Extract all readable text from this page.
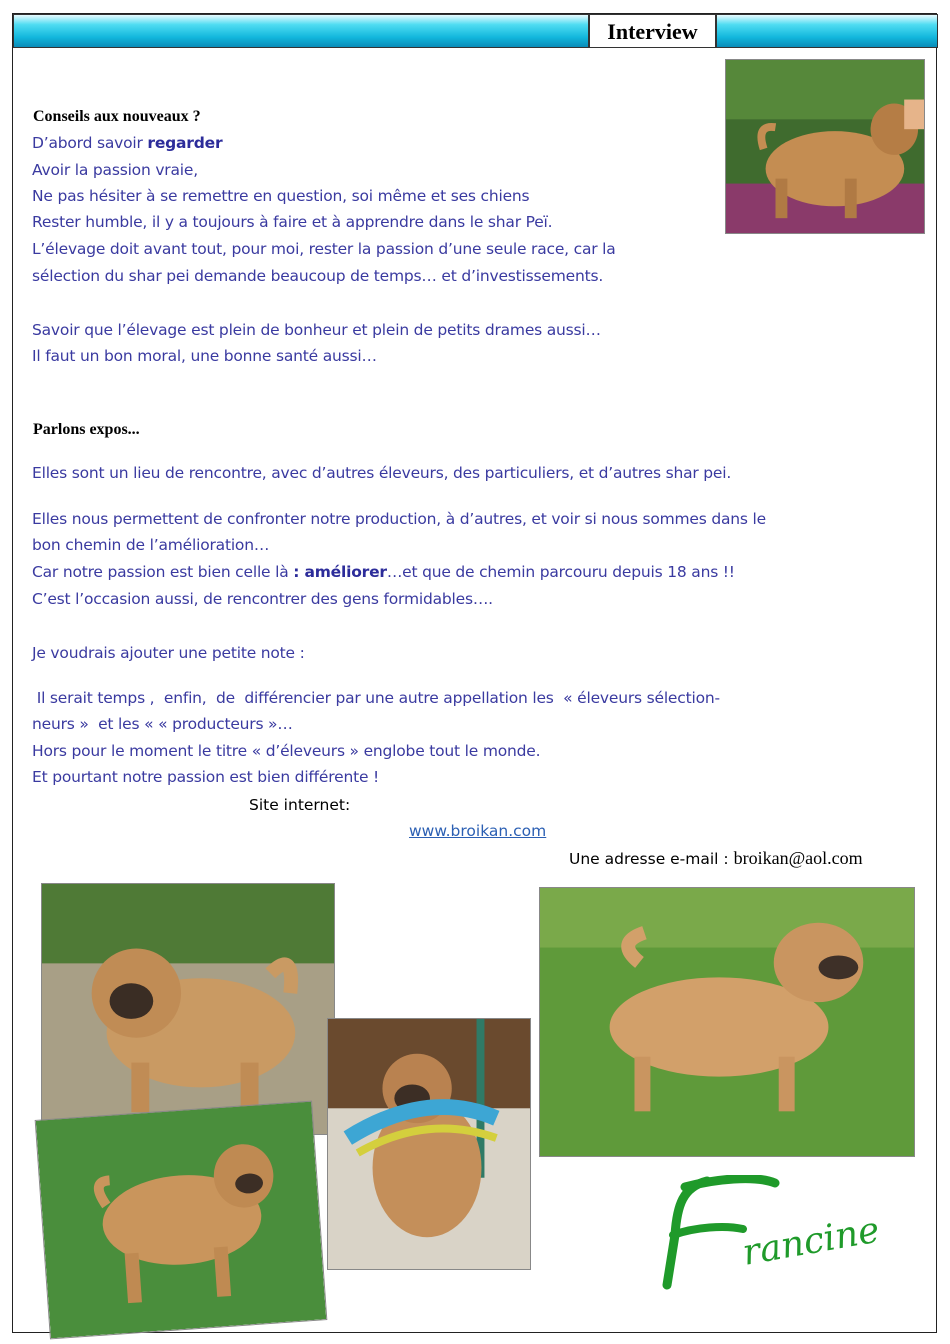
Interview
Conseils aux nouveaux ?

D’abord savoir regarder

Avoir la passion vraie,

Ne pas hésiter à se remettre en question, soi même et ses chiens

Rester humble, il y a toujours à faire et à apprendre dans le shar Peï.

L’élevage doit avant tout, pour moi, rester la passion d’une seule race, car la

sélection du shar pei demande beaucoup de temps… et d’investissements.

Savoir que l’élevage est plein de bonheur et plein de petits drames aussi…

Il faut un bon moral, une bonne santé aussi…

Parlons expos...

Elles sont un lieu de rencontre, avec d’autres éleveurs, des particuliers, et d’autres shar pei.

Elles nous permettent de confronter notre production, à d’autres, et voir si nous sommes dans le

bon chemin de l’amélioration…

Car notre passion est bien celle là : améliorer…et que de chemin parcouru depuis 18 ans !!

C’est l’occasion aussi, de rencontrer des gens formidables….

Je voudrais ajouter une petite note :

Il serait temps ,  enfin,  de  différencier par une autre appellation les  « éleveurs sélection-

neurs »  et les « « producteurs »…

Hors pour le moment le titre « d’éleveurs » englobe tout le monde.

Et pourtant notre passion est bien différente !

Site internet:
www.broikan.com
Une adresse e-mail : broikan@aol.com
rancine
